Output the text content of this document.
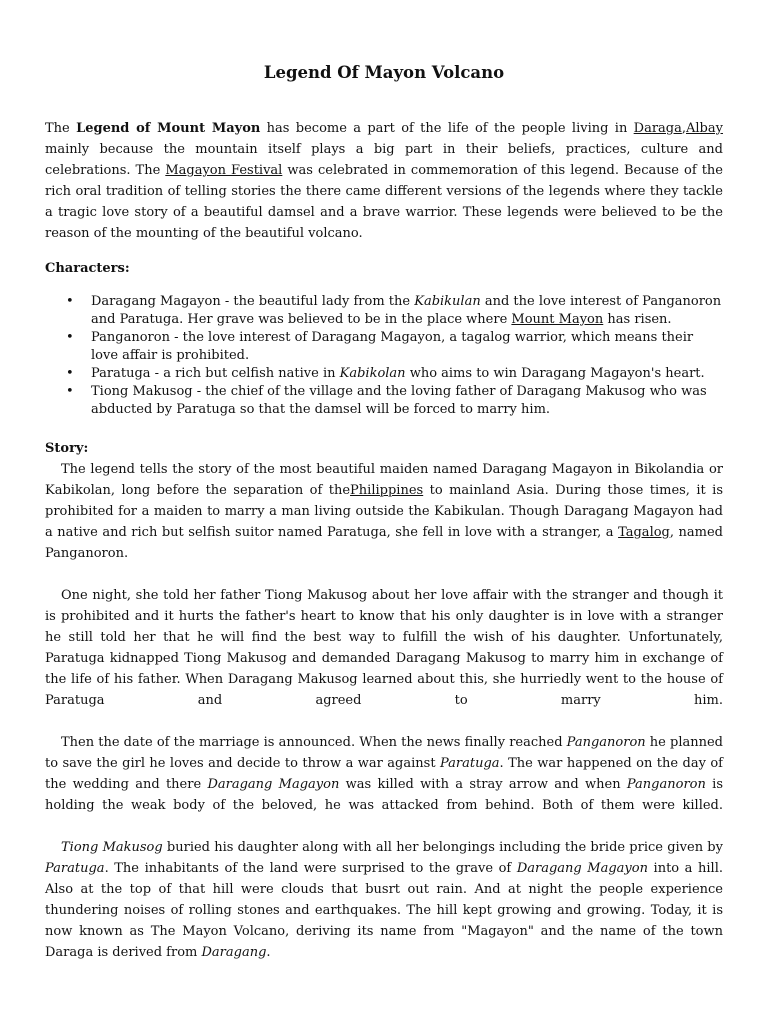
Legend Of Mayon Volcano

The Legend of Mount Mayon has become a part of the life of the people living in Daraga,Albay mainly because the mountain itself plays a big part in their beliefs, practices, culture and celebrations. The Magayon Festival was celebrated in commemoration of this legend. Because of the rich oral tradition of telling stories the there came different versions of the legends where they tackle a tragic love story of a beautiful damsel and a brave warrior. These legends were believed to be the reason of the mounting of the beautiful volcano.

Characters:
• Daragang Magayon - the beautiful lady from the Kabikulan and the love interest of Panganoron and Paratuga. Her grave was believed to be in the place where Mount Mayon has risen.
• Panganoron - the love interest of Daragang Magayon, a tagalog warrior, which means their love affair is prohibited.
• Paratuga - a rich but celfish native in Kabikolan who aims to win Daragang Magayon's heart.
• Tiong Makusog - the chief of the village and the loving father of Daragang Makusog who was abducted by Paratuga so that the damsel will be forced to marry him.
Story:

The legend tells the story of the most beautiful maiden named Daragang Magayon in Bikolandia or Kabikolan, long before the separation of thePhilippines to mainland Asia. During those times, it is prohibited for a maiden to marry a man living outside the Kabikulan. Though Daragang Magayon had a native and rich but selfish suitor named Paratuga, she fell in love with a stranger, a Tagalog, named Panganoron.

One night, she told her father Tiong Makusog about her love affair with the stranger and though it is prohibited and it hurts the father's heart to know that his only daughter is in love with a stranger he still told her that he will find the best way to fulfill the wish of his daughter. Unfortunately, Paratuga kidnapped Tiong Makusog and demanded Daragang Makusog to marry him in exchange of the life of his father. When Daragang Makusog learned about this, she hurriedly went to the house of Paratuga and agreed to marry him.

Then the date of the marriage is announced. When the news finally reached Panganoron he planned to save the girl he loves and decide to throw a war against Paratuga. The war happened on the day of the wedding and there Daragang Magayon was killed with a stray arrow and when Panganoron is holding the weak body of the beloved, he was attacked from behind. Both of them were killed.

Tiong Makusog buried his daughter along with all her belongings including the bride price given by Paratuga. The inhabitants of the land were surprised to the grave of Daragang Magayon into a hill. Also at the top of that hill were clouds that busrt out rain. And at night the people experience thundering noises of rolling stones and earthquakes. The hill kept growing and growing. Today, it is now known as The Mayon Volcano, deriving its name from "Magayon" and the name of the town Daraga is derived from Daragang.
